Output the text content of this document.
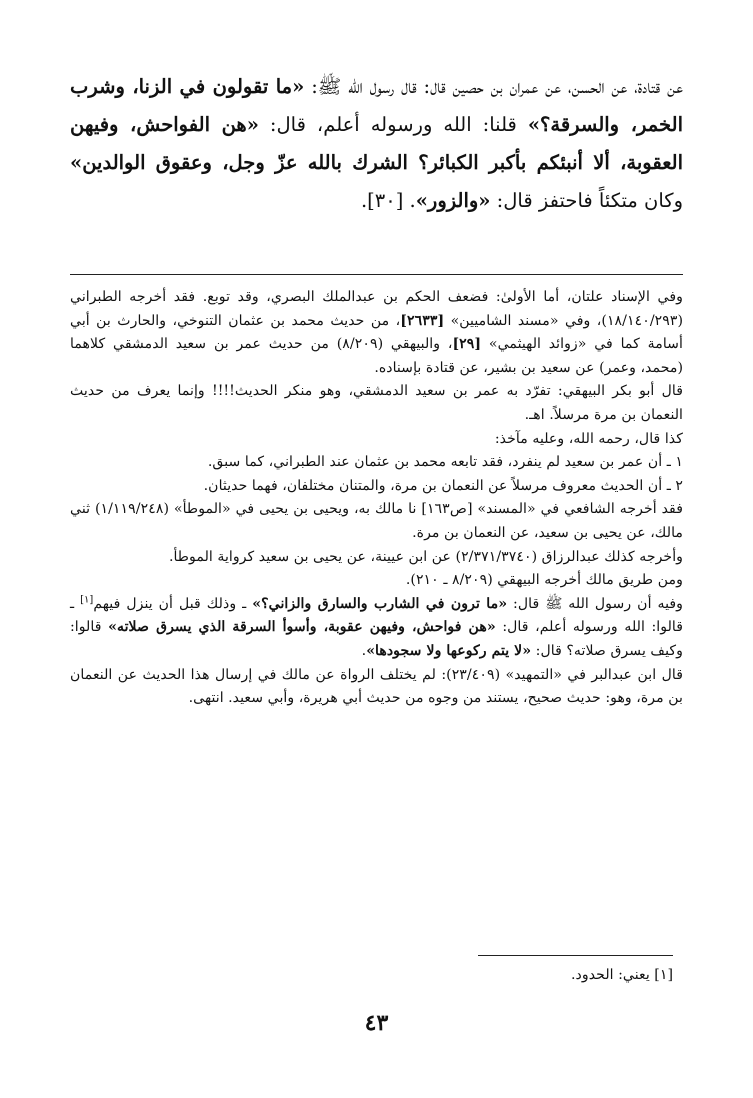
عن قتادة، عن الحسن، عن عمران بن حصين قال: قال رسول الله ﷺ: «ما تقولون في الزنا، وشرب الخمر، والسرقة؟» قلنا: الله ورسوله أعلم، قال: «هن الفواحش، وفيهن العقوبة، ألا أنبئكم بأكبر الكبائر؟ الشرك بالله عزّ وجل، وعقوق الوالدين» وكان متكئاً فاحتفز قال: «والزور». [٣٠].

وفي الإسناد علتان، أما الأولىٰ: فضعف الحكم بن عبدالملك البصري، وقد توبع. فقد أخرجه الطبراني (١٨/١٤٠/٢٩٣)، وفي «مسند الشاميين» [٢٦٣٣]، من حديث محمد بن عثمان التنوخي، والحارث بن أبي أسامة كما في «زوائد الهيثمي» [٢٩]، والبيهقي (٨/٢٠٩) من حديث عمر بن سعيد الدمشقي كلاهما (محمد، وعمر) عن سعيد بن بشير، عن قتادة بإسناده.

قال أبو بكر البيهقي: تفرّد به عمر بن سعيد الدمشقي، وهو منكر الحديث!!!! وإنما يعرف من حديث النعمان بن مرة مرسلاً. اهـ.

كذا قال، رحمه الله، وعليه مآخذ:

١ ـ أن عمر بن سعيد لم ينفرد، فقد تابعه محمد بن عثمان عند الطبراني، كما سبق.

٢ ـ أن الحديث معروف مرسلاً عن النعمان بن مرة، والمتنان مختلفان، فهما حديثان.

فقد أخرجه الشافعي في «المسند» [ص١٦٣] نا مالك به، ويحيى بن يحيى في «الموطأ» (١/١١٩/٢٤٨) ثني مالك، عن يحيى بن سعيد، عن النعمان بن مرة.

وأخرجه كذلك عبدالرزاق (٢/٣٧١/٣٧٤٠) عن ابن عيينة، عن يحيى بن سعيد كرواية الموطأ.

ومن طريق مالك أخرجه البيهقي (٨/٢٠٩ ـ ٢١٠).

وفيه أن رسول الله ﷺ قال: «ما ترون في الشارب والسارق والزاني؟» ـ وذلك قبل أن ينزل فيهم[١] ـ قالوا: الله ورسوله أعلم، قال: «هن فواحش، وفيهن عقوبة، وأسوأ السرقة الذي يسرق صلاته» قالوا: وكيف يسرق صلاته؟ قال: «لا يتم ركوعها ولا سجودها».

قال ابن عبدالبر في «التمهيد» (٢٣/٤٠٩): لم يختلف الرواة عن مالك في إرسال هذا الحديث عن النعمان بن مرة، وهو: حديث صحيح، يستند من وجوه من حديث أبي هريرة، وأبي سعيد. انتهى.

[١] يعني: الحدود.
٤٣
